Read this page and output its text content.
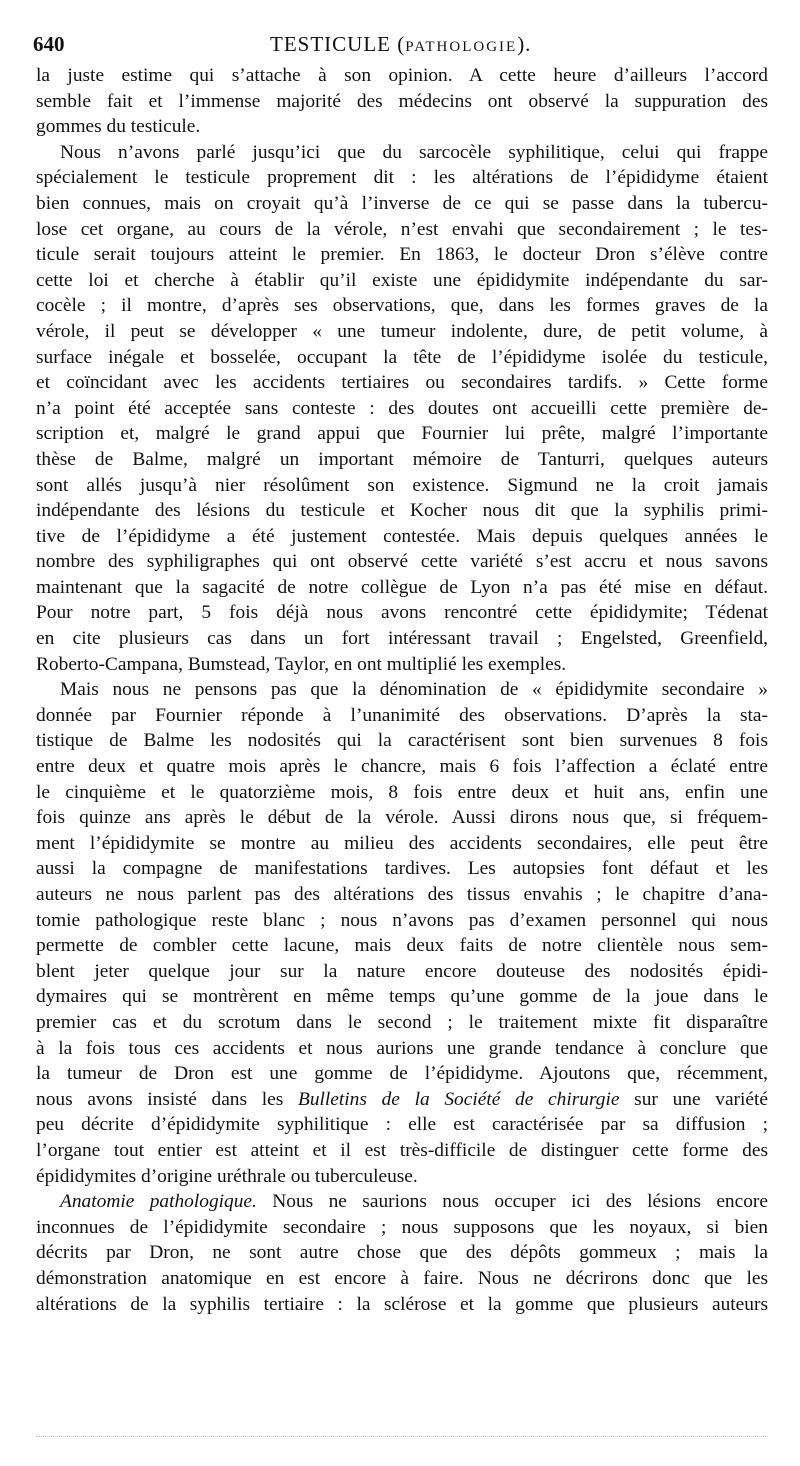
640	TESTICULE (PATHOLOGIE).
la juste estime qui s’attache à son opinion. A cette heure d’ailleurs l’accord
semble fait et l’immense majorité des médecins ont observé la suppuration des
gommes du testicule.
Nous n’avons parlé jusqu’ici que du sarcocèle syphilitique, celui qui frappe
spécialement le testicule proprement dit : les altérations de l’épididyme étaient
bien connues, mais on croyait qu’à l’inverse de ce qui se passe dans la tubercu-
lose cet organe, au cours de la vérole, n’est envahi que secondairement ; le tes-
ticule serait toujours atteint le premier. En 1863, le docteur Dron s’élève contre
cette loi et cherche à établir qu’il existe une épididymite indépendante du sar-
cocèle ; il montre, d’après ses observations, que, dans les formes graves de la
vérole, il peut se développer « une tumeur indolente, dure, de petit volume, à
surface inégale et bosselée, occupant la tête de l’épididyme isolée du testicule,
et coïncidant avec les accidents tertiaires ou secondaires tardifs. » Cette forme
n’a point été acceptée sans conteste : des doutes ont accueilli cette première de-
scription et, malgré le grand appui que Fournier lui prête, malgré l’importante
thèse de Balme, malgré un important mémoire de Tanturri, quelques auteurs
sont allés jusqu’à nier résolûment son existence. Sigmund ne la croit jamais
indépendante des lésions du testicule et Kocher nous dit que la syphilis primi-
tive de l’épididyme a été justement contestée. Mais depuis quelques années le
nombre des syphiligraphes qui ont observé cette variété s’est accru et nous savons
maintenant que la sagacité de notre collègue de Lyon n’a pas été mise en défaut.
Pour notre part, 5 fois déjà nous avons rencontré cette épididymite; Tédenat
en cite plusieurs cas dans un fort intéressant travail ; Engelsted, Greenfield,
Roberto-Campana, Bumstead, Taylor, en ont multiplié les exemples.
Mais nous ne pensons pas que la dénomination de « épididymite secondaire »
donnée par Fournier réponde à l’unanimité des observations. D’après la sta-
tistique de Balme les nodosités qui la caractérisent sont bien survenues 8 fois
entre deux et quatre mois après le chancre, mais 6 fois l’affection a éclaté entre
le cinquième et le quatorzième mois, 8 fois entre deux et huit ans, enfin une
fois quinze ans après le début de la vérole. Aussi dirons nous que, si fréquem-
ment l’épididymite se montre au milieu des accidents secondaires, elle peut être
aussi la compagne de manifestations tardives. Les autopsies font défaut et les
auteurs ne nous parlent pas des altérations des tissus envahis ; le chapitre d’ana-
tomie pathologique reste blanc ; nous n’avons pas d’examen personnel qui nous
permette de combler cette lacune, mais deux faits de notre clientèle nous sem-
blent jeter quelque jour sur la nature encore douteuse des nodosités épidi-
dymaires qui se montrèrent en même temps qu’une gomme de la joue dans le
premier cas et du scrotum dans le second ; le traitement mixte fit disparaître
à la fois tous ces accidents et nous aurions une grande tendance à conclure que
la tumeur de Dron est une gomme de l’épididyme. Ajoutons que, récemment,
nous avons insisté dans les Bulletins de la Société de chirurgie sur une variété
peu décrite d’épididymite syphilitique : elle est caractérisée par sa diffusion ;
l’organe tout entier est atteint et il est très-difficile de distinguer cette forme des
épididymites d’origine uréthrale ou tuberculeuse.
Anatomie pathologique. Nous ne saurions nous occuper ici des lésions encore
inconnues de l’épididymite secondaire ; nous supposons que les noyaux, si bien
décrits par Dron, ne sont autre chose que des dépôts gommeux ; mais la
démonstration anatomique en est encore à faire. Nous ne décrirons donc que les
altérations de la syphilis tertiaire : la sclérose et la gomme que plusieurs auteurs
